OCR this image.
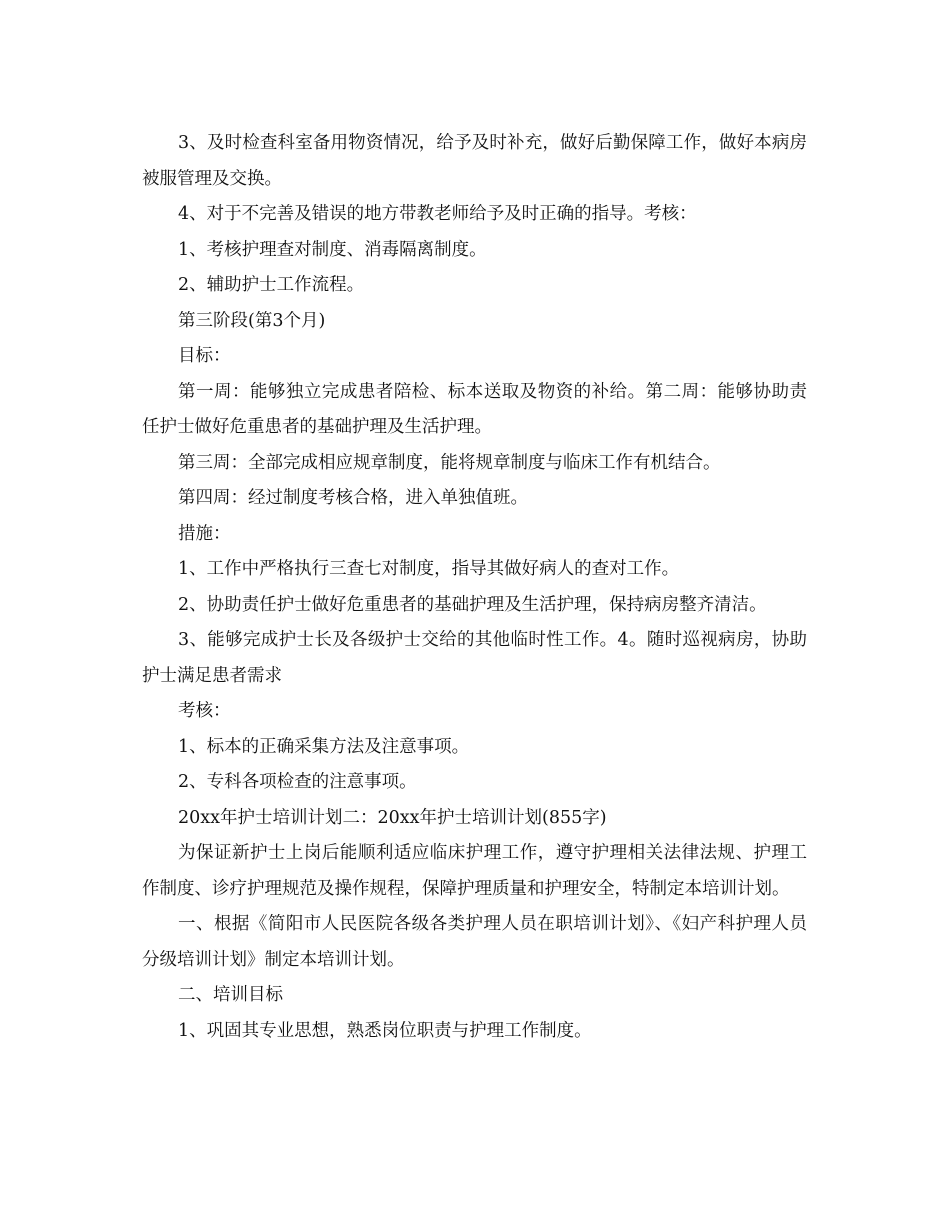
3、及时检查科室备用物资情况，给予及时补充，做好后勤保障工作，做好本病房被服管理及交换。

4、对于不完善及错误的地方带教老师给予及时正确的指导。考核：

1、考核护理查对制度、消毒隔离制度。

2、辅助护士工作流程。

第三阶段(第3个月)

目标：

第一周：能够独立完成患者陪检、标本送取及物资的补给。第二周：能够协助责任护士做好危重患者的基础护理及生活护理。

第三周：全部完成相应规章制度，能将规章制度与临床工作有机结合。

第四周：经过制度考核合格，进入单独值班。

措施：

1、工作中严格执行三查七对制度，指导其做好病人的查对工作。

2、协助责任护士做好危重患者的基础护理及生活护理，保持病房整齐清洁。

3、能够完成护士长及各级护士交给的其他临时性工作。4。随时巡视病房，协助护士满足患者需求

考核：

1、标本的正确采集方法及注意事项。

2、专科各项检查的注意事项。

20xx年护士培训计划二：20xx年护士培训计划(855字)

为保证新护士上岗后能顺利适应临床护理工作，遵守护理相关法律法规、护理工作制度、诊疗护理规范及操作规程，保障护理质量和护理安全，特制定本培训计划。

一、根据《简阳市人民医院各级各类护理人员在职培训计划》、《妇产科护理人员分级培训计划》制定本培训计划。

二、培训目标

1、巩固其专业思想，熟悉岗位职责与护理工作制度。
